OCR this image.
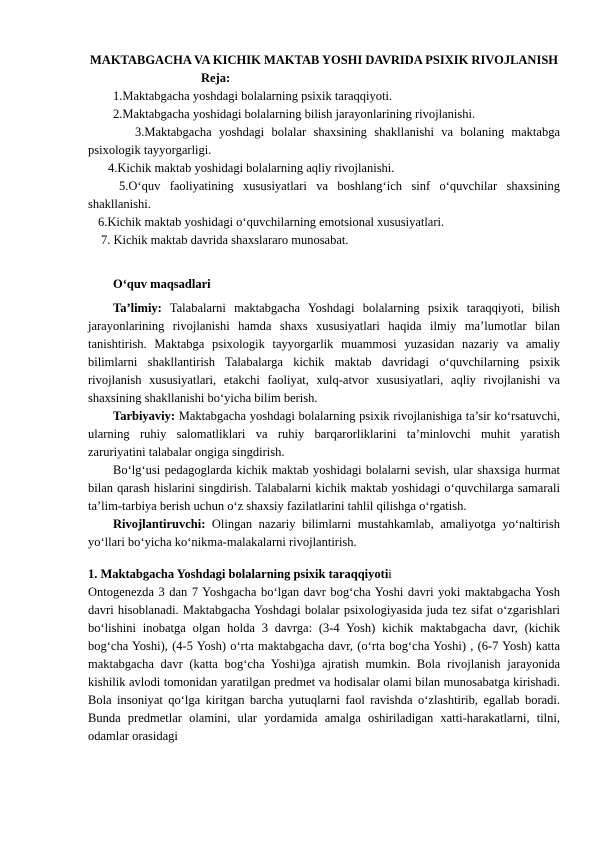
MAKTABGACHA VA KICHIK MAKTAB YOSHI DAVRIDA PSIXIK RIVOJLANISH
Reja:
1.Maktabgacha yoshdagi bolalarning psixik taraqqiyoti.
2.Maktabgacha yoshidagi bolalarning bilish jarayonlarining rivojlanishi.

3.Maktabgacha yoshdagi bolalar shaxsining shakllanishi va bolaning maktabga psixologik tayyorgarligi.

4.Kichik maktab yoshidagi bolalarning aqliy rivojlanishi.

5.O‘quv faoliyatining xususiyatlari va boshlang‘ich sinf o‘quvchilar shaxsining shakllanishi.

6.Kichik maktab yoshidagi o‘quvchilarning emotsional xususiyatlari.
7. Kichik maktab davrida shaxslararo munosabat.
O‘quv maqsadlari

Ta’limiy: Talabalarni maktabgacha Yoshdagi bolalarning psixik taraqqiyoti, bilish jarayonlarining rivojlanishi hamda shaxs xususiyatlari haqida ilmiy ma’lumotlar bilan tanishtirish. Maktabga psixologik tayyorgarlik muammosi yuzasidan nazariy va amaliy bilimlarni shakllantirish Talabalarga kichik maktab davridagi o‘quvchilarning psixik rivojlanish xususiyatlari, etakchi faoliyat, xulq-atvor xususiyatlari, aqliy rivojlanishi va shaxsining shakllanishi bo‘yicha bilim berish.

Tarbiyaviy: Maktabgacha yoshdagi bolalarning psixik rivojlanishiga ta’sir ko‘rsatuvchi, ularning ruhiy salomatliklari va ruhiy barqarorliklarini ta’minlovchi muhit yaratish zaruriyatini talabalar ongiga singdirish.

Bo‘lg‘usi pedagoglarda kichik maktab yoshidagi bolalarni sevish, ular shaxsiga hurmat bilan qarash hislarini singdirish. Talabalarni kichik maktab yoshidagi o‘quvchilarga samarali ta’lim-tarbiya berish uchun o‘z shaxsiy fazilatlarini tahlil qilishga o‘rgatish.

Rivojlantiruvchi: Olingan nazariy bilimlarni mustahkamlab, amaliyotga yo‘naltirish yo‘llari bo‘yicha ko‘nikma-malakalarni rivojlantirish.

1. Maktabgacha Yoshdagi bolalarning psixik taraqqiyotii

Ontogenezda 3 dan 7 Yoshgacha bo‘lgan davr bog‘cha Yoshi davri yoki maktabgacha Yosh davri hisoblanadi. Maktabgacha Yoshdagi bolalar psixologiyasida juda tez sifat o‘zgarishlari bo‘lishini inobatga olgan holda 3 davrga: (3-4 Yosh) kichik maktabgacha davr, (kichik bog‘cha Yoshi), (4-5 Yosh) o‘rta maktabgacha davr, (o‘rta bog‘cha Yoshi) , (6-7 Yosh) katta maktabgacha davr (katta bog‘cha Yoshi)ga ajratish mumkin. Bola rivojlanish jarayonida kishilik avlodi tomonidan yaratilgan predmet va hodisalar olami bilan munosabatga kirishadi. Bola insoniyat qo‘lga kiritgan barcha yutuqlarni faol ravishda o‘zlashtirib, egallab boradi. Bunda predmetlar olamini, ular yordamida amalga oshiriladigan xatti-harakatlarni, tilni, odamlar orasidagi
